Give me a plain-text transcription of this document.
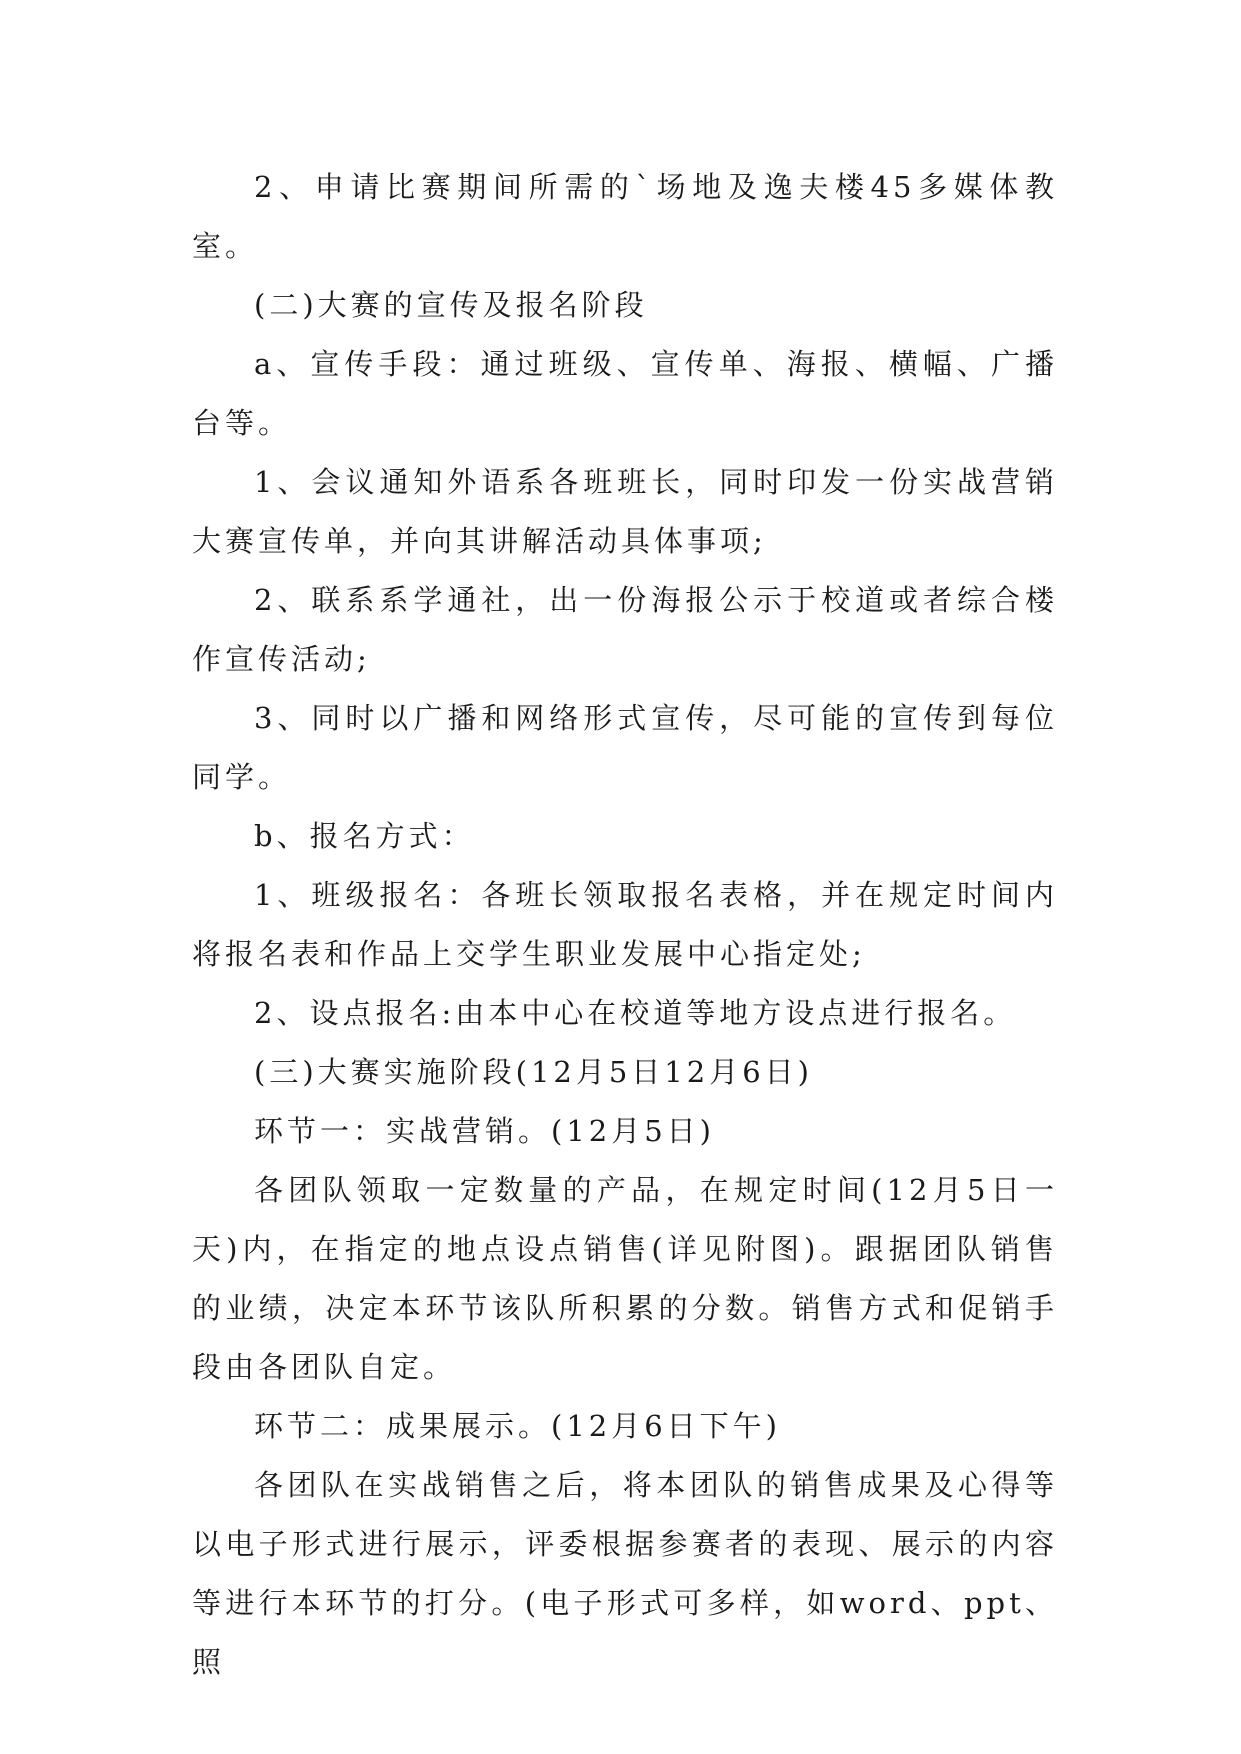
2、申请比赛期间所需的`场地及逸夫楼45多媒体教室。

(二)大赛的宣传及报名阶段

a、宣传手段：通过班级、宣传单、海报、横幅、广播台等。

1、会议通知外语系各班班长，同时印发一份实战营销大赛宣传单，并向其讲解活动具体事项;

2、联系系学通社，出一份海报公示于校道或者综合楼作宣传活动;

3、同时以广播和网络形式宣传，尽可能的宣传到每位同学。

b、报名方式：

1、班级报名：各班长领取报名表格，并在规定时间内将报名表和作品上交学生职业发展中心指定处;

2、设点报名:由本中心在校道等地方设点进行报名。

(三)大赛实施阶段(12月5日12月6日)

环节一：实战营销。(12月5日)

各团队领取一定数量的产品，在规定时间(12月5日一天)内，在指定的地点设点销售(详见附图)。跟据团队销售的业绩，决定本环节该队所积累的分数。销售方式和促销手段由各团队自定。

环节二：成果展示。(12月6日下午)

各团队在实战销售之后，将本团队的销售成果及心得等以电子形式进行展示，评委根据参赛者的表现、展示的内容等进行本环节的打分。(电子形式可多样，如word、ppt、照
